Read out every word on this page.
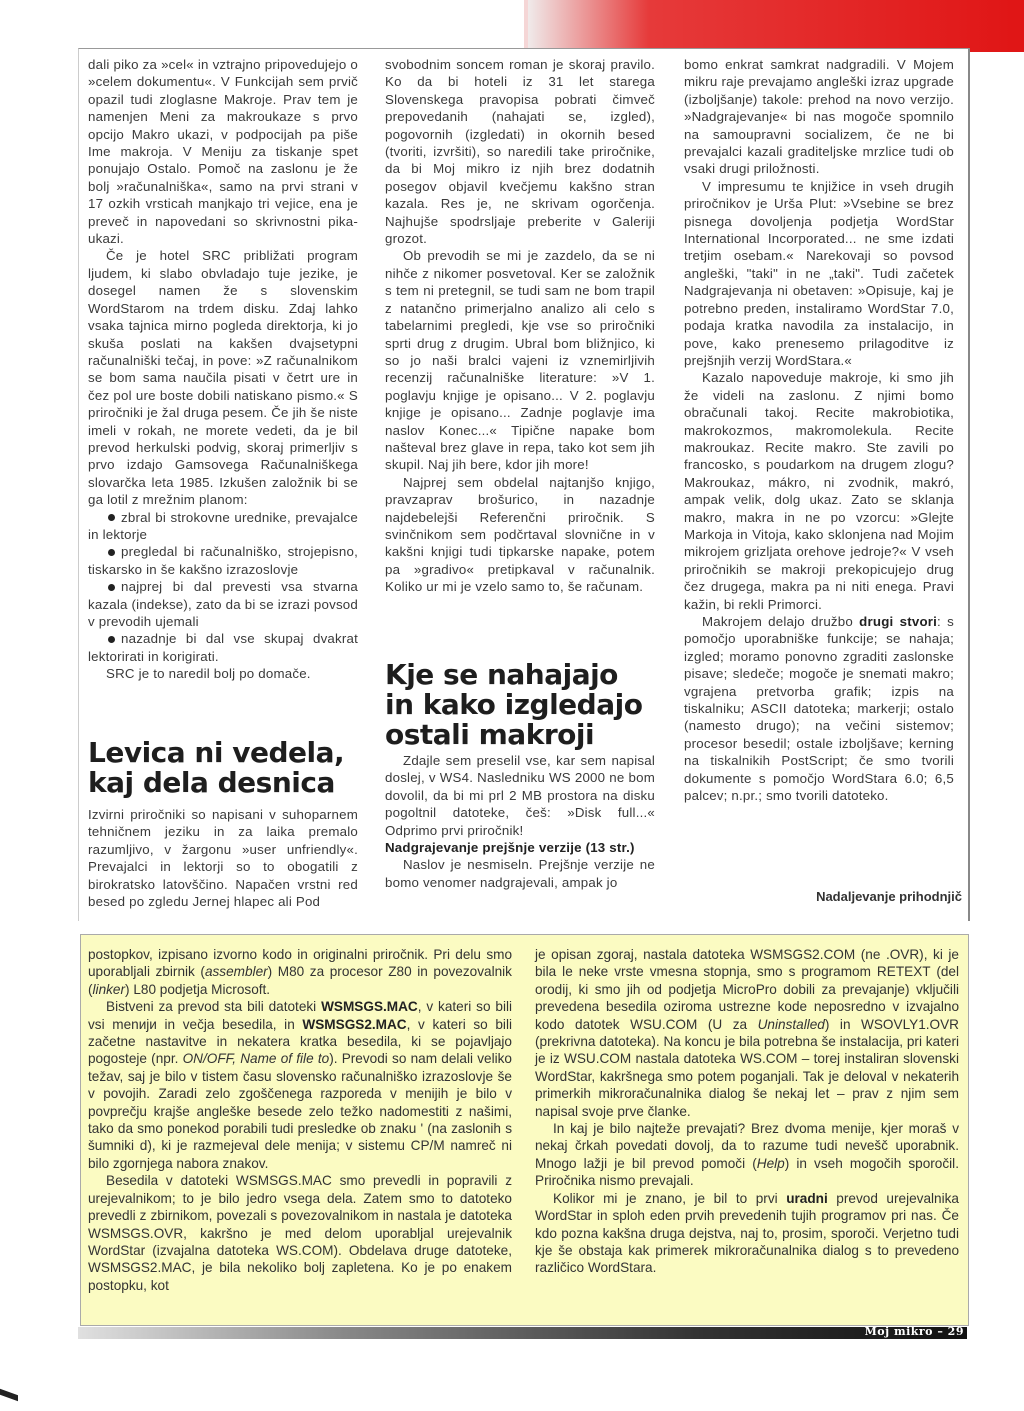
dali piko za »cel« in vztrajno pripovedujejo o »celem dokumentu«. V Funkcijah sem prvič opazil tudi zloglasne Makroje. Prav tem je namenjen Meni za makroukaze s prvo opcijo Makro ukazi, v podpocijah pa piše Ime makroja. V Meniju za tiskanje spet ponujajo Ostalo. Pomoč na zaslonu je že bolj »računalniška«, samo na prvi strani v 17 ozkih vrsticah manjkajo tri vejice, ena je preveč in napovedani so skrivnostni pika-ukazi.

Če je hotel SRC približati program ljudem, ki slabo obvladajo tuje jezike, je dosegel namen že s slovenskim WordStarom na trdem disku. Zdaj lahko vsaka tajnica mirno pogleda direktorja, ki jo skuša poslati na kakšen dvajsetурni računalniški tečaj, in pove: »Z računalnikom se bom sama naučila pisati v četrt ure in čez pol ure boste dobili natiskano pismo.« S priročniki je žal druga pesem. Če jih še niste imeli v rokah, ne morete vedeti, da je bil prevod herkulski podvig, skoraj primerljiv s prvo izdajo Gamsovega Računalniškega slovarčka leta 1985. Izkušen založnik bi se ga lotil z mrežnim planom:

zbral bi strokovne urednike, prevajalce in lektorje

pregledal bi računalniško, strojepisno, tiskarsko in še kakšno izrazoslovje

najprej bi dal prevesti vsa stvarna kazala (indekse), zato da bi se izrazi povsod v prevodih ujemali

nazadnje bi dal vse skupaj dvakrat lektorirati in korigirati.

SRC je to naredil bolj po domače.

Levica ni vedela, kaj dela desnica

Izvirni priročniki so napisani v suhoparnem tehničnem jeziku in za laika premalo razumljivo, v žargonu »user unfriendly«. Prevajalci in lektorji so to obogatili z birokratsko latovščino. Napačen vrstni red besed po zgledu Jernej hlapec ali Pod

svobodnim soncem roman je skoraj pravilo. Ko da bi hoteli iz 31 let starega Slovenskega pravopisa pobrati čimveč prepovedanih (nahajati se, izgled), pogovornih (izgledati) in okornih besed (tvoriti, izvršiti), so naredili take priročnike, da bi Moj mikro iz njih brez dodatnih posegov objavil kvečjemu kakšno stran kazala. Res je, ne skrivam ogorčenja. Najhujše spodrsljaje preberite v Galeriji grozot.

Ob prevodih se mi je zazdelo, da se ni nihče z nikomer posvetoval. Ker se založnik s tem ni pretegnil, se tudi sam ne bom trapil z natančno primerjalno analizo ali celo s tabelarnimi pregledi, kje vse so priročniki sprti drug z drugim. Ubral bom bližnjico, ki so jo naši bralci vajeni iz vznemirljivih recenzij računalniške literature: »V 1. poglavju knjige je opisano... V 2. poglavju knjige je opisano... Zadnje poglavje ima naslov Konec...« Tipične napake bom našteval brez glave in repa, tako kot sem jih skupil. Naj jih bere, kdor jih more!

Najprej sem obdelal najtanjšo knjigo, pravzaprav brošurico, in nazadnje najdebelejši Referenčni priročnik. S svinčnikom sem podčrtaval slovnične in v kakšni knjigi tudi tipkarske napake, potem pa »gradivo« pretipkaval v računalnik. Koliko ur mi je vzelo samo to, še računam.

Kje se nahajajo in kako izgledajo ostali makroji

Zdajle sem preselil vse, kar sem napisal doslej, v WS4. Nasledniku WS 2000 ne bom dovolil, da bi mi prl 2 MB prostora na disku pogoltnil datoteke, češ: »Disk full...« Odprimo prvi priročnik!

Nadgrajevanje prejšnje verzije (13 str.)

Naslov je nesmiseln. Prejšnje verzije ne bomo venomer nadgrajevali, ampak jo

bomo enkrat samkrat nadgradili. V Mojem mikru raje prevajamo angleški izraz upgrade (izboljšanje) takole: prehod na novo verzijo. »Nadgrajevanje« bi nas mogoče spomnilo na samoupravni socializem, če ne bi prevajalci kazali graditeljske mrzlice tudi ob vsaki drugi priložnosti.

V impresumu te knjižice in vseh drugih priročnikov je Urša Plut: »Vsebine se brez pisnega dovoljenja podjetja WordStar International Incorporated... ne sme izdati tretjim osebam.« Narekovaji so povsod angleški, "taki" in ne „taki". Tudi začetek Nadgrajevanja ni obetaven: »Opisuje, kaj je potrebno preden, instaliramo WordStar 7.0, podaja kratka navodila za instalacijo, in pove, kako prenesemo prilagoditve iz prejšnjih verzij WordStara.«

Kazalo napoveduje makroje, ki smo jih že videli na zaslonu. Z njimi bomo obračunali takoj. Recite makrobiotika, makrokozmos, makromolekula. Recite makroukaz. Recite makro. Ste zavili po francosko, s poudarkom na drugem zlogu? Makroukaz, mákro, ni zvodnik, makró, ampak velik, dolg ukaz. Zato se sklanja makro, makra in ne po vzorcu: »Glejte Markoja in Vitoja, kako sklonjena nad Mojim mikrojem grizljata orehove jedroje?« V vseh priročnikih se makroji prekopicujejo drug čez drugega, makra pa ni niti enega. Pravi kažin, bi rekli Primorci.

Makrojem delajo družbo drugi stvori: s pomočjo uporabniške funkcije; se nahaja; izgled; moramo ponovno zgraditi zaslonske pisave; sledeče; mogoče je snemati makro; vgrajena pretvorba grafik; izpis na tiskalniku; ASCII datoteka; markerji; ostalo (namesto drugo); na večini sistemov; procesor besedil; ostale izboljšave; kerning na tiskalnikih PostScript; če smo tvorili dokumente s pomočjo WordStara 6.0; 6,5 palcev; n.pr.; smo tvorili datoteko.

Nadaljevanje prihodnjič

postopkov, izpisano izvorno kodo in originalni priročnik. Pri delu smo uporabljali zbirnik (assembler) M80 za procesor Z80 in povezovalnik (linker) L80 podjetja Microsoft.

Bistveni za prevod sta bili datoteki WSMSGS.MAC, v kateri so bili vsi menији in večja besedila, in WSMSGS2.MAC, v kateri so bili začetne nastavitve in nekatera kratka besedila, ki se pojavljajo pogosteje (npr. ON/OFF, Name of file to). Prevodi so nam delali veliko težav, saj je bilo v tistem času slovensko računalniško izrazoslovje še v povojih. Zaradi zelo zgoščenega razporeda v menijih je bilo v povprečju krajše angleške besede zelo težko nadomestiti z našimi, tako da smo ponekod porabili tudi presledke ob znaku ' (na zaslonih s šumniki d), ki je razmejeval dele menija; v sistemu CP/M namreč ni bilo zgornjega nabora znakov.

Besedila v datoteki WSMSGS.MAC smo prevedli in popravili z urejevalnikom; to je bilo jedro vsega dela. Zatem smo to datoteko prevedli z zbirnikom, povezali s povezovalnikom in nastala je datoteka WSMSGS.OVR, kakršno je med delom uporabljal urejevalnik WordStar (izvajalna datoteka WS.COM). Obdelava druge datoteke, WSMSGS2.MAC, je bila nekoliko bolj zapletena. Ko je po enakem postopku, kot

je opisan zgoraj, nastala datoteka WSMSGS2.COM (ne .OVR), ki je bila le neke vrste vmesna stopnja, smo s programom RETEXT (del orodij, ki smo jih od podjetja MicroPro dobili za prevajanje) vključili prevedena besedila oziroma ustrezne kode neposredno v izvajalno kodo datotek WSU.COM (U za Uninstalled) in WSOVLY1.OVR (prekrivna datoteka). Na koncu je bila potrebna še instalacija, pri kateri je iz WSU.COM nastala datoteka WS.COM – torej instaliran slovenski WordStar, kakršnega smo potem poganjali. Tak je deloval v nekaterih primerkih mikroračunalnika dialog še nekaj let – prav z njim sem napisal svoje prve članke.

In kaj je bilo najteže prevajati? Brez dvoma menije, kjer moraš v nekaj črkah povedati dovolj, da to razume tudi nevešč uporabnik. Mnogo lažji je bil prevod pomoči (Help) in vseh mogočih sporočil. Priročnika nismo prevajali.

Kolikor mi je znano, je bil to prvi uradni prevod urejevalnika WordStar in sploh eden prvih prevedenih tujih programov pri nas. Če kdo pozna kakšna druga dejstva, naj to, prosim, sporoči. Verjetno tudi kje še obstaja kak primerek mikroračunalnika dialog s to prevedeno različico WordStara.

Moj mikro – 29
